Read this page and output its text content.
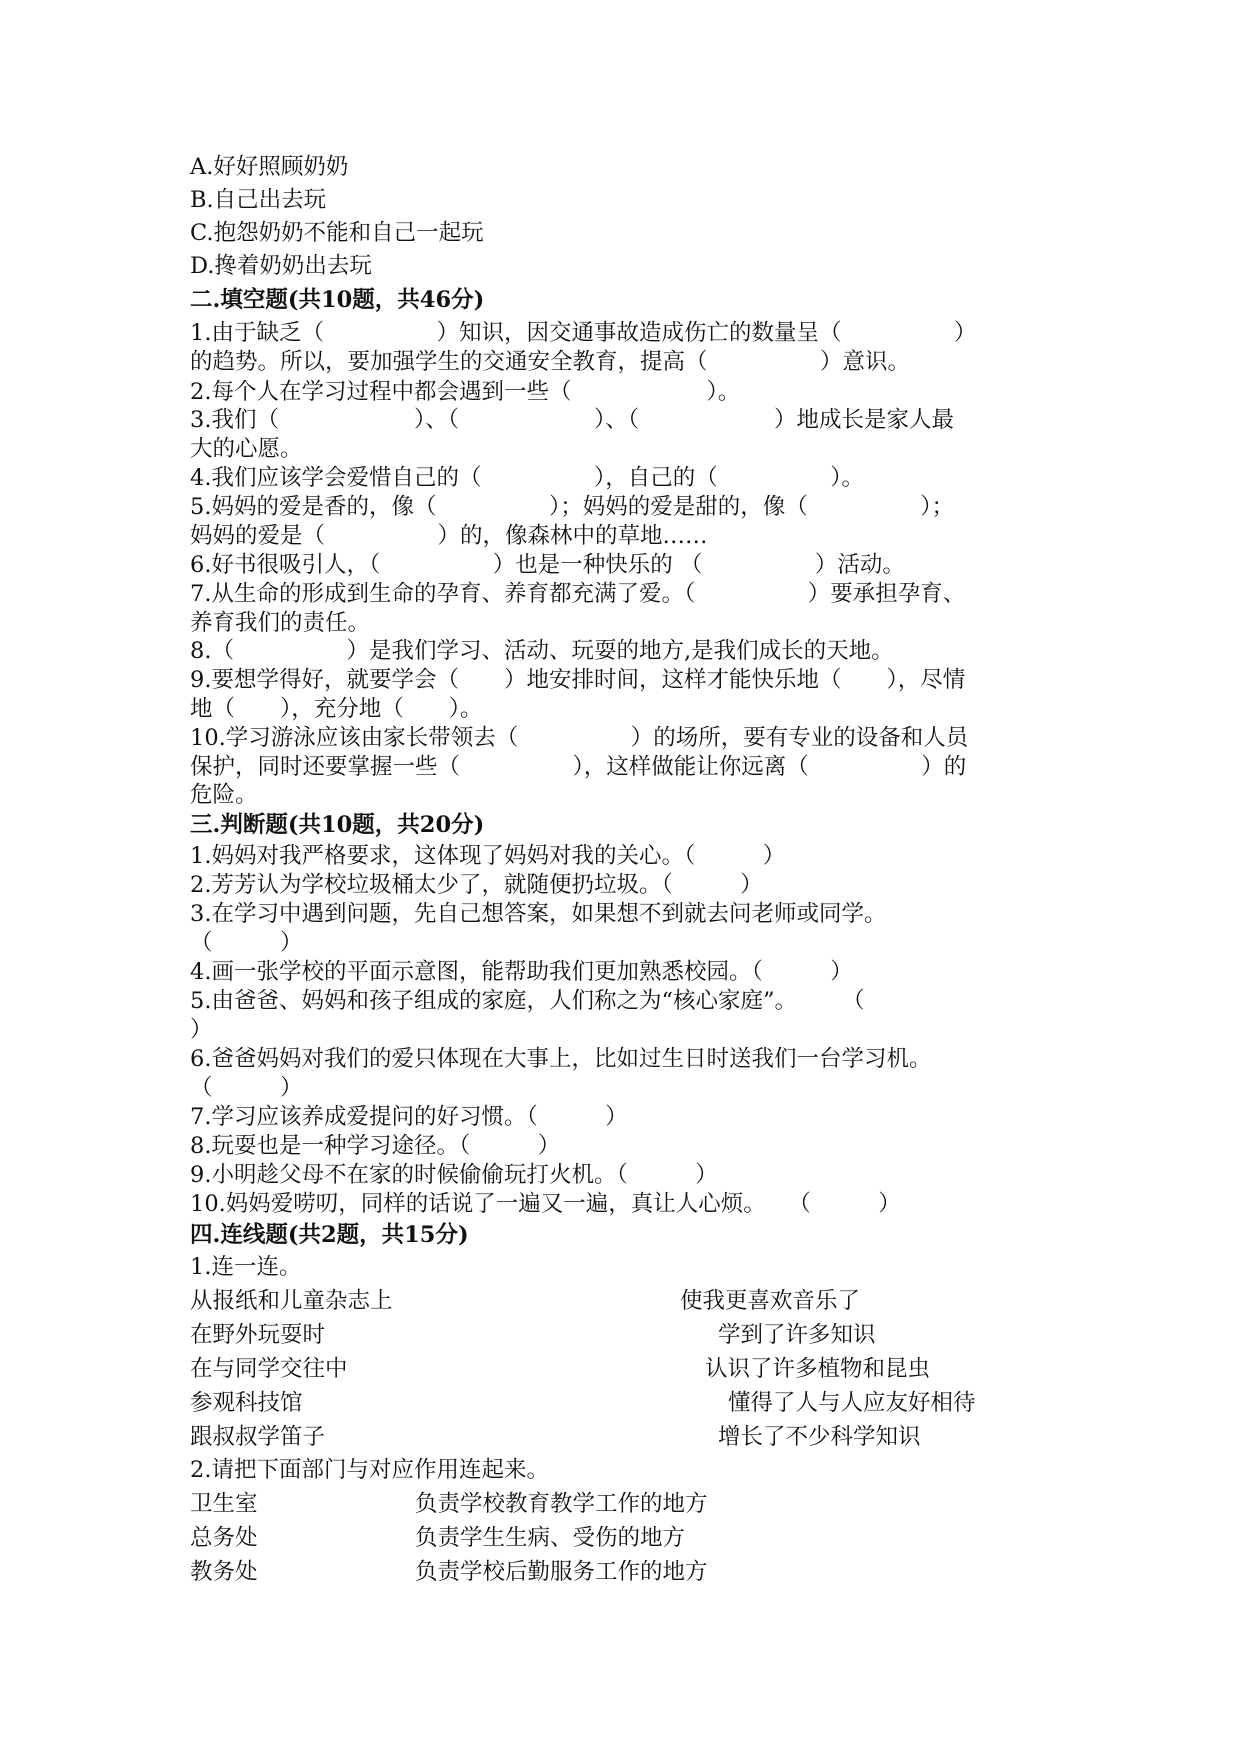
A.好好照顾奶奶
B.自己出去玩
C.抱怨奶奶不能和自己一起玩
D.搀着奶奶出去玩
二.填空题(共10题，共46分)
1.由于缺乏（　　　　　）知识，因交通事故造成伤亡的数量呈（　　　　　）
的趋势。所以，要加强学生的交通安全教育，提高（　　　　　）意识。
2.每个人在学习过程中都会遇到一些（　　　　　　）。
3.我们（　　　　　　）、（　　　　　　）、（　　　　　　）地成长是家人最
大的心愿。
4.我们应该学会爱惜自己的（　　　　　），自己的（　　　　　）。
5.妈妈的爱是香的，像（　　　　　）；妈妈的爱是甜的，像（　　　　　）；
妈妈的爱是（　　　　　）的，像森林中的草地……
6.好书很吸引人，（　　　　　）也是一种快乐的 （　　　　　）活动。
7.从生命的形成到生命的孕育、养育都充满了爱。（　　　　　）要承担孕育、
养育我们的责任。
8.（　　　　　）是我们学习、活动、玩耍的地方,是我们成长的天地。
9.要想学得好，就要学会（　　）地安排时间，这样才能快乐地（　　），尽情
地（　　），充分地（　　）。
10.学习游泳应该由家长带领去（　　　　　）的场所，要有专业的设备和人员
保护，同时还要掌握一些（　　　　　），这样做能让你远离（　　　　　）的
危险。
三.判断题(共10题，共20分)
1.妈妈对我严格要求，这体现了妈妈对我的关心。（　　　）
2.芳芳认为学校垃圾桶太少了，就随便扔垃圾。（　　　）
3.在学习中遇到问题，先自己想答案，如果想不到就去问老师或同学。
（　　　）
4.画一张学校的平面示意图，能帮助我们更加熟悉校园。（　　　）
5.由爸爸、妈妈和孩子组成的家庭，人们称之为“核心家庭”。　　　（
）
6.爸爸妈妈对我们的爱只体现在大事上，比如过生日时送我们一台学习机。
（　　　）
7.学习应该养成爱提问的好习惯。（　　　）
8.玩耍也是一种学习途径。（　　　）
9.小明趁父母不在家的时候偷偷玩打火机。（　　　）
10.妈妈爱唠叨，同样的话说了一遍又一遍，真让人心烦。　　（　　　）
四.连线题(共2题，共15分)
1.连一连。
从报纸和儿童杂志上
在野外玩耍时
在与同学交往中
参观科技馆
跟叔叔学笛子
使我更喜欢音乐了
学到了许多知识
认识了许多植物和昆虫
懂得了人与人应友好相待
增长了不少科学知识
2.请把下面部门与对应作用连起来。
卫生室
总务处
教务处
负责学校教育教学工作的地方
负责学生生病、受伤的地方
负责学校后勤服务工作的地方
